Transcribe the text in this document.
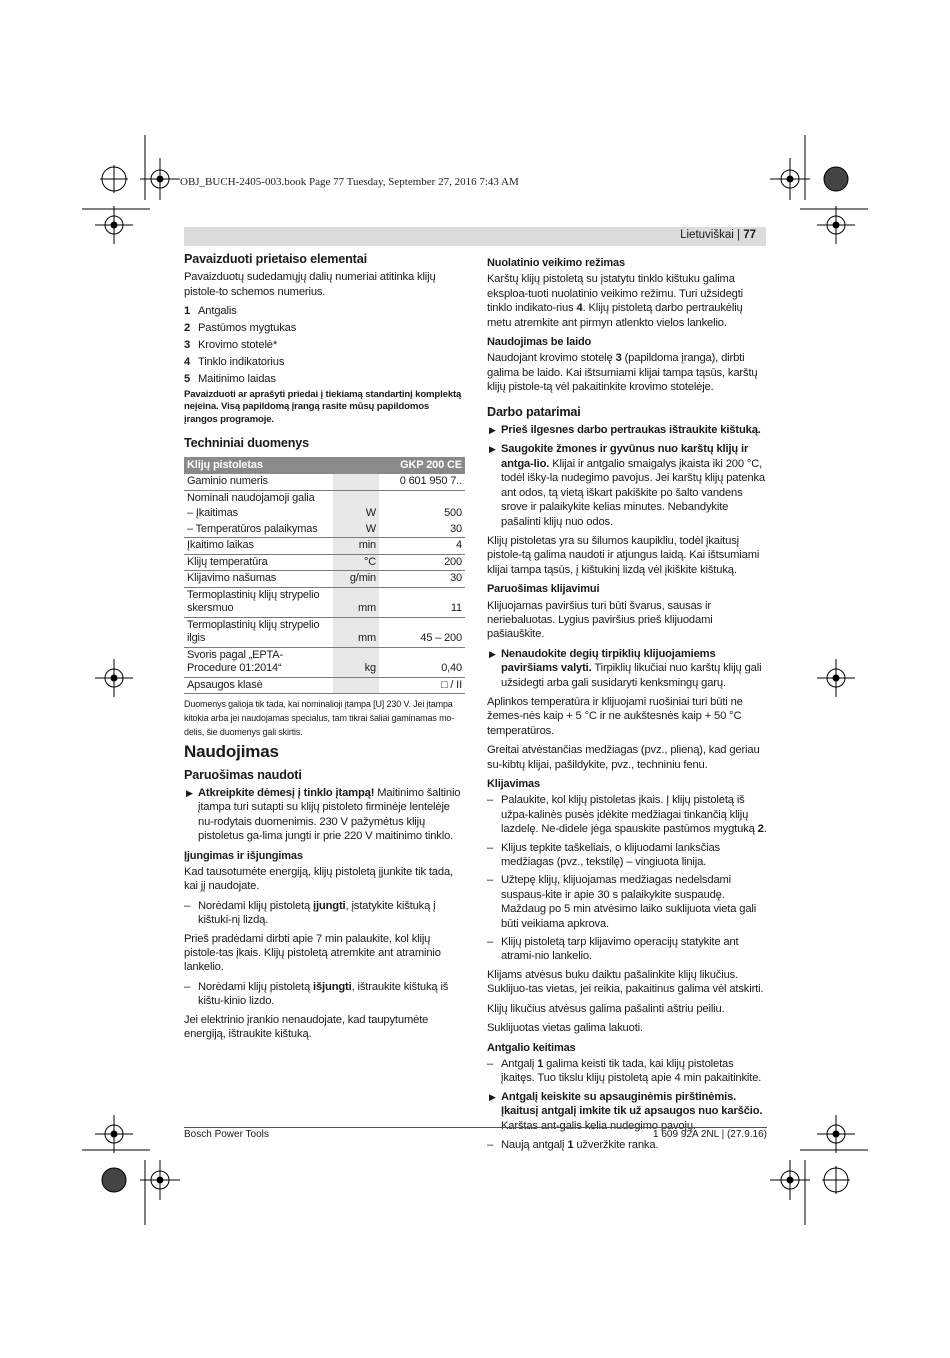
OBJ_BUCH-2405-003.book Page 77 Tuesday, September 27, 2016 7:43 AM
Lietuviškai | 77
Pavaizduoti prietaiso elementai

Pavaizduotų sudedamųjų dalių numeriai atitinka klijų pistole-to schemos numerius.

1 Antgalis
2 Pastūmos mygtukas
3 Krovimo stotelė*
4 Tinklo indikatorius
5 Maitinimo laidas
Pavaizduoti ar aprašyti priedai į tiekiamą standartinį komplektą neįeina. Visą papildomą įrangą rasite mūsų papildomos įrangos programoje.
Techniniai duomenys
Klijų pistoletas		GKP 200 CE
Gaminio numeris		0 601 950 7..
Nominali naudojamoji galia		
– Įkaitimas	W	500
– Temperatūros palaikymas	W	30
Įkaitimo laikas	min	4
Klijų temperatūra	°C	200
Klijavimo našumas	g/min	30
Termoplastinių klijų strypelio skersmuo	mm	11
Termoplastinių klijų strypelio ilgis	mm	45 – 200
Svoris pagal „EPTA-Procedure 01:2014“	kg	0,40
Apsaugos klasė		□ / II
Duomenys galioja tik tada, kai nominalioji įtampa [U] 230 V. Jei įtampa kitokia arba jei naudojamas specialus, tam tikrai šaliai gaminamas mo-delis, šie duomenys gali skirtis.
Naudojimas
Paruošimas naudoti
▶ Atkreipkite dėmesį į tinklo įtampą! Maitinimo šaltinio įtampa turi sutapti su klijų pistoleto firminėje lentelėje nu-rodytais duomenimis. 230 V pažymėtus klijų pistoletus ga-lima jungti ir prie 220 V maitinimo tinklo.
Įjungimas ir išjungimas

Kad tausotumėte energiją, klijų pistoletą įjunkite tik tada, kai jį naudojate.

– Norėdami klijų pistoletą įjungti, įstatykite kištuką į kištuki-nį lizdą.

Prieš pradėdami dirbti apie 7 min palaukite, kol klijų pistole-tas įkais. Klijų pistoletą atremkite ant atraminio lankelio.

– Norėdami klijų pistoletą išjungti, ištraukite kištuką iš kištu-kinio lizdo.

Jei elektrinio įrankio nenaudojate, kad taupytumėte energiją, ištraukite kištuką.

Nuolatinio veikimo režimas

Karštų klijų pistoletą su įstatytu tinklo kištuku galima eksploa-tuoti nuolatinio veikimo režimu. Turi užsidegti tinklo indikato-rius 4. Klijų pistoletą darbo pertraukėlių metu atremkite ant pirmyn atlenkto vielos lankelio.

Naudojimas be laido

Naudojant krovimo stotelę 3 (papildoma įranga), dirbti galima be laido. Kai ištsumiami klijai tampa tąsūs, karštų klijų pistole-tą vėl pakaitinkite krovimo stotelėje.

Darbo patarimai
▶ Prieš ilgesnes darbo pertraukas ištraukite kištuką.
▶ Saugokite žmones ir gyvūnus nuo karštų klijų ir antga-lio. Klijai ir antgalio smaigalys įkaista iki 200 °C, todėl išky-la nudegimo pavojus. Jei karštų klijų patenka ant odos, tą vietą iškart pakiškite po šalto vandens srove ir palaikykite kelias minutes. Nebandykite pašalinti klijų nuo odos.

Klijų pistoletas yra su šilumos kaupikliu, todėl įkaitusį pistole-tą galima naudoti ir atjungus laidą. Kai ištsumiami klijai tampa tąsūs, į kištukinį lizdą vėl įkiškite kištuką.

Paruošimas klijavimui

Klijuojamas paviršius turi būti švarus, sausas ir neriebaluotas. Lygius paviršius prieš klijuodami pašiauškite.

▶ Nenaudokite degių tirpiklių klijuojamiems paviršiams valyti. Tirpiklių likučiai nuo karštų klijų gali užsidegti arba gali susidaryti kenksmingų garų.

Aplinkos temperatūra ir klijuojami ruošiniai turi būti ne žemes-nės kaip + 5 °C ir ne aukštesnės kaip + 50 °C temperatūros.

Greitai atvėstančias medžiagas (pvz., plieną), kad geriau su-kibtų klijai, pašildykite, pvz., techniniu fenu.

Klijavimas
– Palaukite, kol klijų pistoletas įkais. Į klijų pistoletą iš užpa-kalinės pusės įdėkite medžiagai tinkančią klijų lazdelę. Ne-didele jėga spauskite pastūmos mygtuką 2.
– Klijus tepkite taškeliais, o klijuodami lanksčias medžiagas (pvz., tekstilę) – vingiuota linija.
– Užtepę klijų, klijuojamas medžiagas nedelsdami suspaus-kite ir apie 30 s palaikykite suspaudę. Maždaug po 5 min atvėsimo laiko suklijuota vieta gali būti veikiama apkrova.
– Klijų pistoletą tarp klijavimo operacijų statykite ant atrami-nio lankelio.

Klijams atvėsus buku daiktu pašalinkite klijų likučius. Suklijuo-tas vietas, jei reikia, pakaitinus galima vėl atskirti.

Klijų likučius atvėsus galima pašalinti aštriu peiliu.

Suklijuotas vietas galima lakuoti.

Antgalio keitimas
– Antgalį 1 galima keisti tik tada, kai klijų pistoletas įkaitęs. Tuo tikslu klijų pistoletą apie 4 min pakaitinkite.
▶ Antgalį keiskite su apsauginėmis pirštinėmis. Įkaitusį antgalį imkite tik už apsaugos nuo karščio. Karštas ant-galis kelia nudegimo pavojų.
– Naują antgalį 1 užveržkite ranka.
Bosch Power Tools	1 609 92A 2NL | (27.9.16)
